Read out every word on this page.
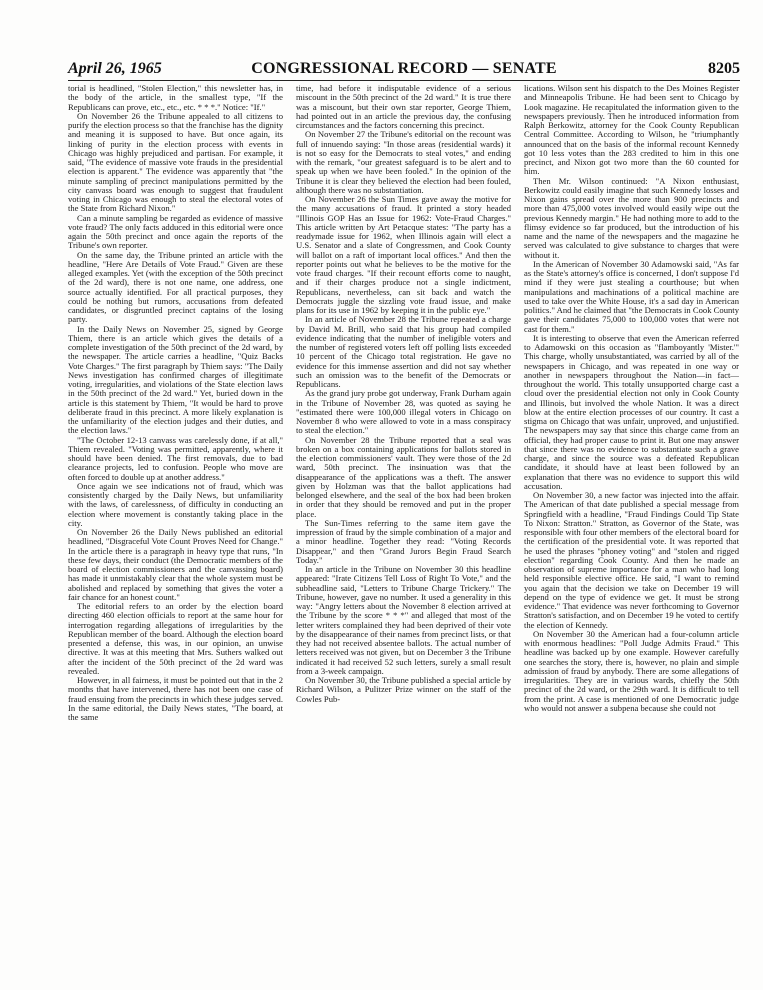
April 26, 1965	CONGRESSIONAL RECORD — SENATE	8205

torial is headlined, "Stolen Election," this newsletter has, in the body of the article, in the smallest type, "If the Republicans can prove, etc., etc., etc. * * *." Notice: "If."

On November 26 the Tribune appealed to all citizens to purify the election process so that the franchise has the dignity and meaning it is supposed to have. But once again, its linking of purity in the election process with events in Chicago was highly prejudiced and partisan. For example, it said, "The evidence of massive vote frauds in the presidential election is apparent." The evidence was apparently that "the minute sampling of precinct manipulations permitted by the city canvass board was enough to suggest that fraudulent voting in Chicago was enough to steal the electoral votes of the State from Richard Nixon."

Can a minute sampling be regarded as evidence of massive vote fraud? The only facts adduced in this editorial were once again the 50th precinct and once again the reports of the Tribune's own reporter.

On the same day, the Tribune printed an article with the headline, "Here Are Details of Vote Fraud." Given are these alleged examples. Yet (with the exception of the 50th precinct of the 2d ward), there is not one name, one address, one source actually identified. For all practical purposes, they could be nothing but rumors, accusations from defeated candidates, or disgruntled precinct captains of the losing party.

In the Daily News on November 25, signed by George Thiem, there is an article which gives the details of a complete investigation of the 50th precinct of the 2d ward, by the newspaper. The article carries a headline, "Quiz Backs Vote Charges." The first paragraph by Thiem says: "The Daily News investigation has confirmed charges of illegitimate voting, irregularities, and violations of the State election laws in the 50th precinct of the 2d ward." Yet, buried down in the article is this statement by Thiem, "It would be hard to prove deliberate fraud in this precinct. A more likely explanation is the unfamiliarity of the election judges and their duties, and the election laws."

"The October 12-13 canvass was carelessly done, if at all," Thiem revealed. "Voting was permitted, apparently, where it should have been denied. The first removals, due to bad clearance projects, led to confusion. People who move are often forced to double up at another address."

Once again we see indications not of fraud, which was consistently charged by the Daily News, but unfamiliarity with the laws, of carelessness, of difficulty in conducting an election where movement is constantly taking place in the city.

On November 26 the Daily News published an editorial headlined, "Disgraceful Vote Count Proves Need for Change." In the article there is a paragraph in heavy type that runs, "In these few days, their conduct (the Democratic members of the board of election commissioners and the canvassing board) has made it unmistakably clear that the whole system must be abolished and replaced by something that gives the voter a fair chance for an honest count."

The editorial refers to an order by the election board directing 460 election officials to report at the same hour for interrogation regarding allegations of irregularities by the Republican member of the board. Although the election board presented a defense, this was, in our opinion, an unwise directive. It was at this meeting that Mrs. Suthers walked out after the incident of the 50th precinct of the 2d ward was revealed.

However, in all fairness, it must be pointed out that in the 2 months that have intervened, there has not been one case of fraud ensuing from the precincts in which these judges served. In the same editorial, the Daily News states, "The board, at the same

time, had before it indisputable evidence of a serious miscount in the 50th precinct of the 2d ward." It is true there was a miscount, but their own star reporter, George Thiem, had pointed out in an article the previous day, the confusing circumstances and the factors concerning this precinct.

On November 27 the Tribune's editorial on the recount was full of innuendo saying: "In those areas (residential wards) it is not so easy for the Democrats to steal votes," and ending with the remark, "our greatest safeguard is to be alert and to speak up when we have been fooled." In the opinion of the Tribune it is clear they believed the election had been fouled, although there was no substantiation.

On November 26 the Sun Times gave away the motive for the many accusations of fraud. It printed a story headed "Illinois GOP Has an Issue for 1962: Vote-Fraud Charges." This article written by Art Petacque states: "The party has a readymade issue for 1962, when Illinois again will elect a U.S. Senator and a slate of Congressmen, and Cook County will ballot on a raft of important local offices." And then the reporter points out what he believes to be the motive for the vote fraud charges. "If their recount efforts come to naught, and if their charges produce not a single indictment, Republicans, nevertheless, can sit back and watch the Democrats juggle the sizzling vote fraud issue, and make plans for its use in 1962 by keeping it in the public eye."

In an article of November 28 the Tribune repeated a charge by David M. Brill, who said that his group had compiled evidence indicating that the number of ineligible voters and the number of registered voters left off polling lists exceeded 10 percent of the Chicago total registration. He gave no evidence for this immense assertion and did not say whether such an omission was to the benefit of the Democrats or Republicans.

As the grand jury probe got underway, Frank Durham again in the Tribune of November 28, was quoted as saying he "estimated there were 100,000 illegal voters in Chicago on November 8 who were allowed to vote in a mass conspiracy to steal the election."

On November 28 the Tribune reported that a seal was broken on a box containing applications for ballots stored in the election commissioners' vault. They were those of the 2d ward, 50th precinct. The insinuation was that the disappearance of the applications was a theft. The answer given by Holzman was that the ballot applications had belonged elsewhere, and the seal of the box had been broken in order that they should be removed and put in the proper place.

The Sun-Times referring to the same item gave the impression of fraud by the simple combination of a major and a minor headline. Together they read: "Voting Records Disappear," and then "Grand Jurors Begin Fraud Search Today."

In an article in the Tribune on November 30 this headline appeared: "Irate Citizens Tell Loss of Right To Vote," and the subheadline said, "Letters to Tribune Charge Trickery." The Tribune, however, gave no number. It used a generality in this way: "Angry letters about the November 8 election arrived at the Tribune by the score * * *" and alleged that most of the letter writers complained they had been deprived of their vote by the disappearance of their names from precinct lists, or that they had not received absentee ballots. The actual number of letters received was not given, but on December 3 the Tribune indicated it had received 52 such letters, surely a small result from a 3-week campaign.

On November 30, the Tribune published a special article by Richard Wilson, a Pulitzer Prize winner on the staff of the Cowles Pub-

lications. Wilson sent his dispatch to the Des Moines Register and Minneapolis Tribune. He had been sent to Chicago by Look magazine. He recapitulated the information given to the newspapers previously. Then he introduced information from Ralph Berkowitz, attorney for the Cook County Republican Central Committee. According to Wilson, he "triumphantly announced that on the basis of the informal recount Kennedy got 10 less votes than the 283 credited to him in this one precinct, and Nixon got two more than the 60 counted for him.

Then Mr. Wilson continued: "A Nixon enthusiast, Berkowitz could easily imagine that such Kennedy losses and Nixon gains spread over the more than 900 precincts and more than 475,000 votes involved would easily wipe out the previous Kennedy margin." He had nothing more to add to the flimsy evidence so far produced, but the introduction of his name and the name of the newspapers and the magazine he served was calculated to give substance to charges that were without it.

In the American of November 30 Adamowski said, "As far as the State's attorney's office is concerned, I don't suppose I'd mind if they were just stealing a courthouse; but when manipulations and machinations of a political machine are used to take over the White House, it's a sad day in American politics." And he claimed that "the Democrats in Cook County gave their candidates 75,000 to 100,000 votes that were not cast for them."

It is interesting to observe that even the American referred to Adamowski on this occasion as "flamboyantly 'Mister.'" This charge, wholly unsubstantiated, was carried by all of the newspapers in Chicago, and was repeated in one way or another in newspapers throughout the Nation—in fact—throughout the world. This totally unsupported charge cast a cloud over the presidential election not only in Cook County and Illinois, but involved the whole Nation. It was a direct blow at the entire election processes of our country. It cast a stigma on Chicago that was unfair, unproved, and unjustified. The newspapers may say that since this charge came from an official, they had proper cause to print it. But one may answer that since there was no evidence to substantiate such a grave charge, and since the source was a defeated Republican candidate, it should have at least been followed by an explanation that there was no evidence to support this wild accusation.

On November 30, a new factor was injected into the affair. The American of that date published a special message from Springfield with a headline, "Fraud Findings Could Tip State To Nixon: Stratton." Stratton, as Governor of the State, was responsible with four other members of the electoral board for the certification of the presidential vote. It was reported that he used the phrases "phoney voting" and "stolen and rigged election" regarding Cook County. And then he made an observation of supreme importance for a man who had long held responsible elective office. He said, "I want to remind you again that the decision we take on December 19 will depend on the type of evidence we get. It must be strong evidence." That evidence was never forthcoming to Governor Stratton's satisfaction, and on December 19 he voted to certify the election of Kennedy.

On November 30 the American had a four-column article with enormous headlines: "Poll Judge Admits Fraud." This headline was backed up by one example. However carefully one searches the story, there is, however, no plain and simple admission of fraud by anybody. There are some allegations of irregularities. They are in various wards, chiefly the 50th precinct of the 2d ward, or the 29th ward. It is difficult to tell from the print. A case is mentioned of one Democratic judge who would not answer a subpena because she could not
